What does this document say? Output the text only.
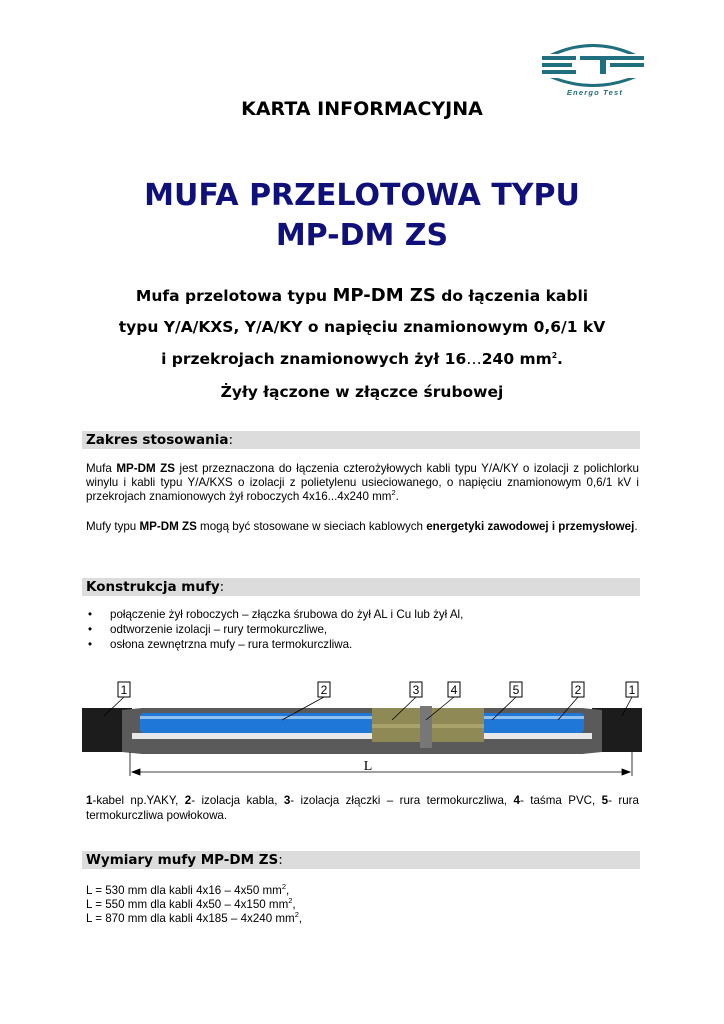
Energo Test
KARTA INFORMACYJNA
MUFA PRZELOTOWA TYPU
MP-DM ZS
Mufa przelotowa typu MP-DM ZS do łączenia kabli
typu Y/A/KXS, Y/A/KY o napięciu znamionowym 0,6/1 kV
i przekrojach znamionowych żył 16…240 $mm^2$.
Żyły łączone w złączce śrubowej
Zakres stosowania:
Mufa MP-DM ZS jest przeznaczona do łączenia czterożyłowych kabli typu Y/A/KY o izolacji z polichlorku winylu i kabli typu Y/A/KXS o izolacji z polietylenu usieciowanego, o napięciu znamionowym 0,6/1 kV i przekrojach znamionowych żył roboczych 4x16...4x240 $mm^2$.
Mufy typu MP-DM ZS mogą być stosowane w sieciach kablowych energetyki zawodowej i przemysłowej.
Konstrukcja mufy:
• połączenie żył roboczych – złączka śrubowa do żył AL i Cu lub żył Al,
• odtworzenie izolacji – rury termokurczliwe,
• osłona zewnętrzna mufy – rura termokurczliwa.
1	2	3	4	5	2	1
L
1-kabel np.YAKY, 2- izolacja kabla, 3- izolacja złączki – rura termokurczliwa, 4- taśma PVC, 5- rura termokurczliwa powłokowa.
Wymiary mufy MP-DM ZS:
L = 530 mm dla kabli 4x16 – 4x50 $mm^2$,
L = 550 mm dla kabli 4x50 – 4x150 $mm^2$,
L = 870 mm dla kabli 4x185 – 4x240 $mm^2$,
